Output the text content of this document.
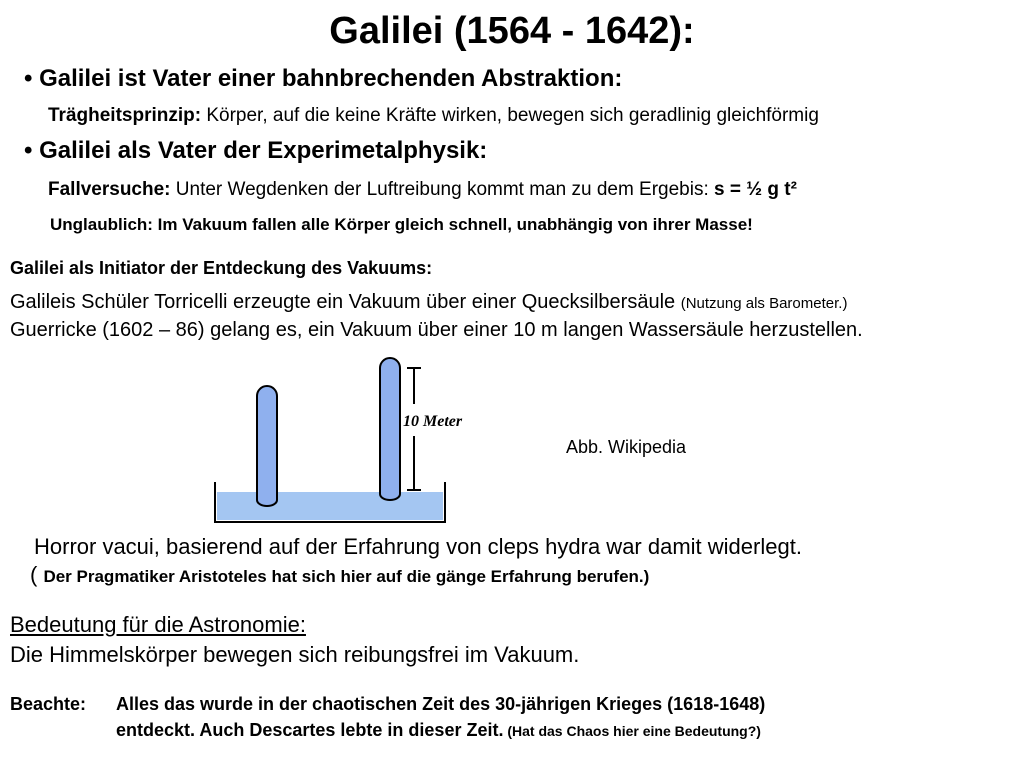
Galilei (1564 - 1642):
• Galilei ist Vater einer bahnbrechenden Abstraktion:
Trägheitsprinzip: Körper, auf die keine Kräfte wirken, bewegen sich geradlinig gleichförmig
• Galilei als Vater der Experimetalphysik:
Fallversuche: Unter Wegdenken der Luftreibung kommt man zu dem Ergebis: s = ½ g t²
Unglaublich: Im Vakuum fallen alle Körper gleich schnell, unabhängig von ihrer Masse!
Galilei als Initiator der Entdeckung des Vakuums:
Galileis Schüler Torricelli erzeugte ein Vakuum über einer Quecksilbersäule (Nutzung als Barometer.)
Guerricke (1602 – 86) gelang es, ein Vakuum über einer 10 m langen Wassersäule herzustellen.
10 Meter
Abb. Wikipedia
Horror vacui, basierend auf der Erfahrung von cleps hydra war damit widerlegt.
( Der Pragmatiker Aristoteles hat sich hier auf die gänge Erfahrung berufen.)
Bedeutung für die Astronomie:
Die Himmelskörper bewegen sich reibungsfrei im Vakuum.
Beachte: Alles das wurde in der chaotischen Zeit des 30-jährigen Krieges (1618-1648)
entdeckt. Auch Descartes lebte in dieser Zeit. (Hat das Chaos hier eine Bedeutung?)
